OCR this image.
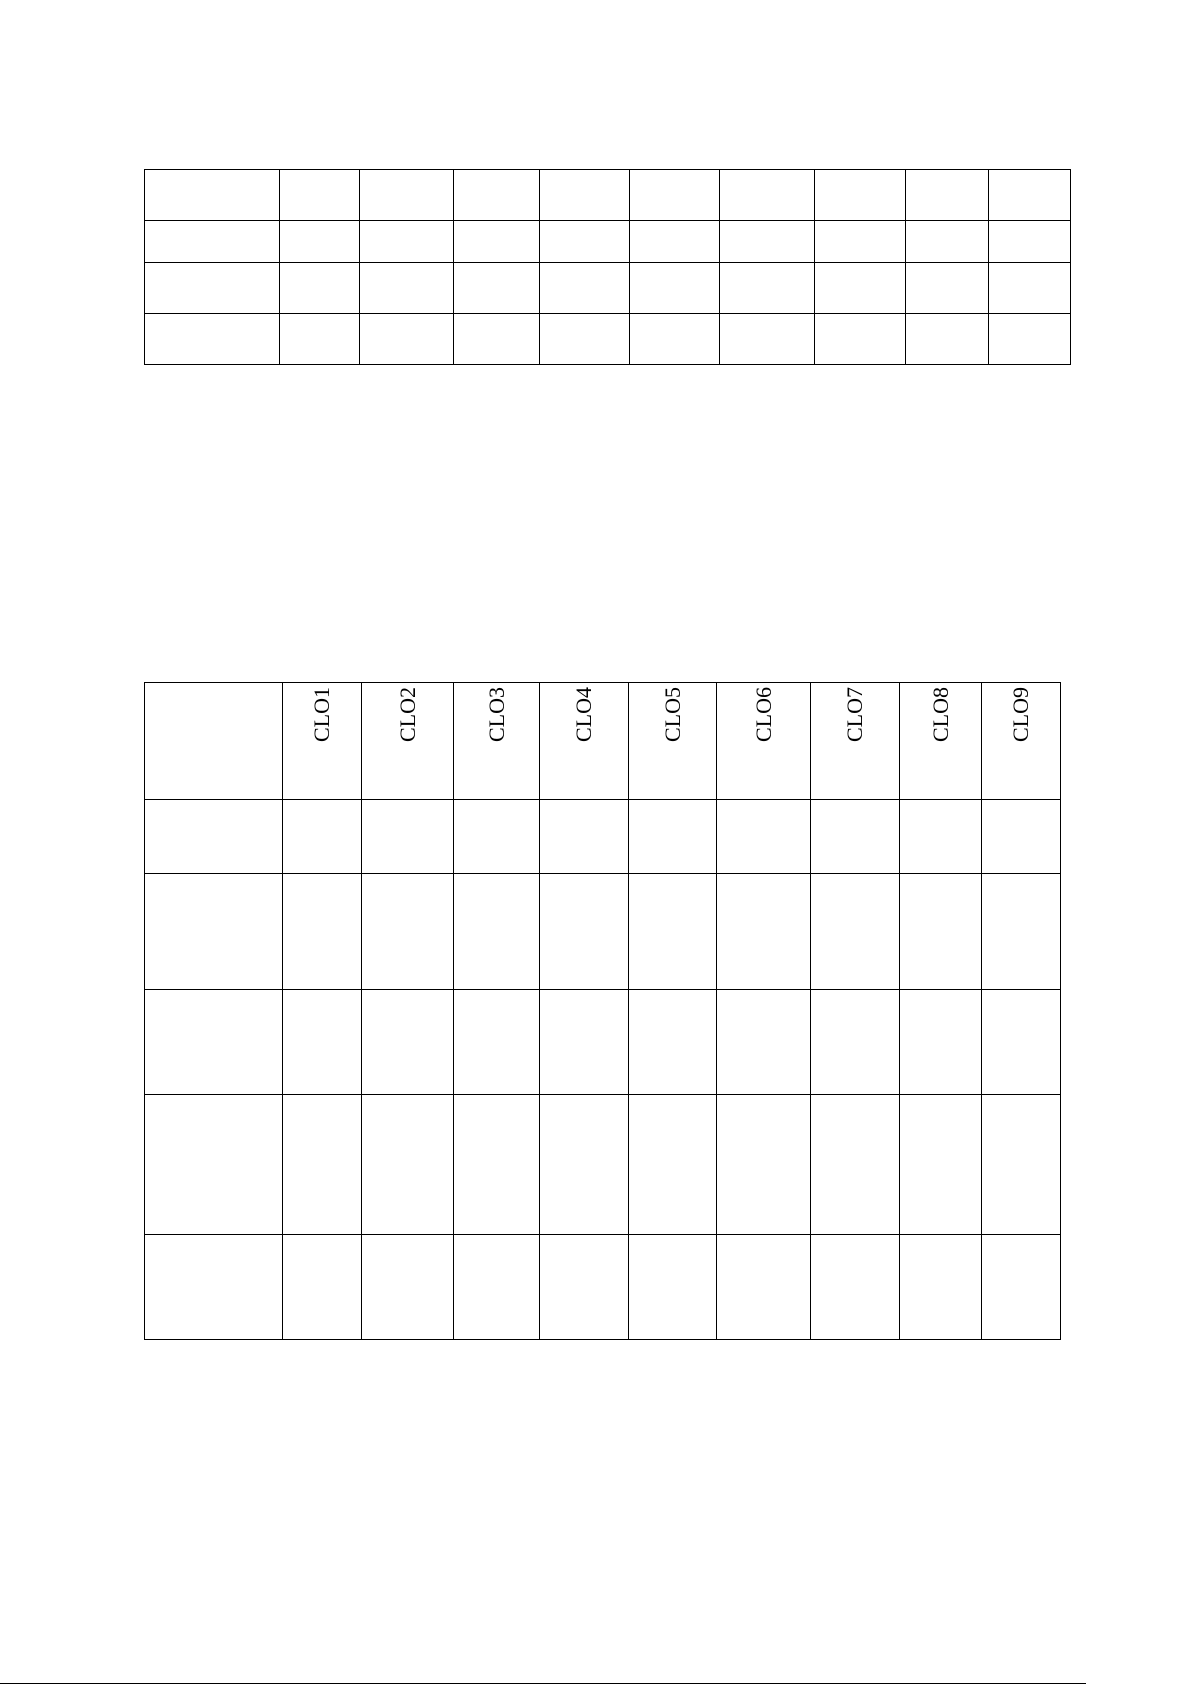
	CLO1	CLO2	CLO3	CLO4	CLO5	CLO6	CLO7	CLO8	CLO9
